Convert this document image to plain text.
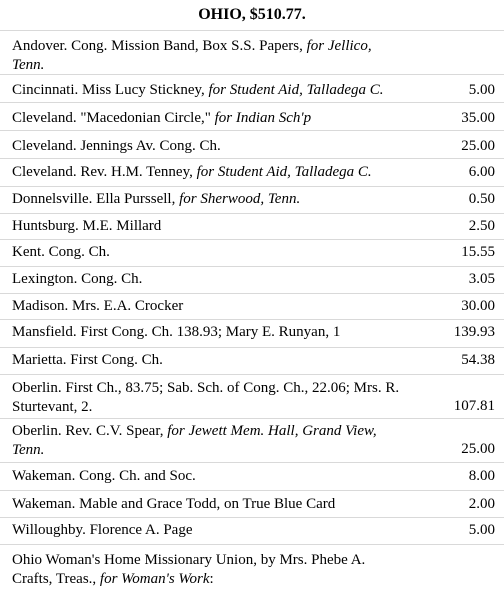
OHIO, $510.77.
Andover. Cong. Mission Band, Box S.S. Papers, for Jellico, Tenn.
Cincinnati. Miss Lucy Stickney, for Student Aid, Talladega C.	5.00
Cleveland. "Macedonian Circle," for Indian Sch'p	35.00
Cleveland. Jennings Av. Cong. Ch.	25.00
Cleveland. Rev. H.M. Tenney, for Student Aid, Talladega C.	6.00
Donnelsville. Ella Purssell, for Sherwood, Tenn.	0.50
Huntsburg. M.E. Millard	2.50
Kent. Cong. Ch.	15.55
Lexington. Cong. Ch.	3.05
Madison. Mrs. E.A. Crocker	30.00
Mansfield. First Cong. Ch. 138.93; Mary E. Runyan, 1	139.93
Marietta. First Cong. Ch.	54.38
Oberlin. First Ch., 83.75; Sab. Sch. of Cong. Ch., 22.06; Mrs. R. Sturtevant, 2.	107.81
Oberlin. Rev. C.V. Spear, for Jewett Mem. Hall, Grand View, Tenn.	25.00
Wakeman. Cong. Ch. and Soc.	8.00
Wakeman. Mable and Grace Todd, on True Blue Card	2.00
Willoughby. Florence A. Page	5.00
Ohio Woman's Home Missionary Union, by Mrs. Phebe A. Crafts, Treas., for Woman's Work:
